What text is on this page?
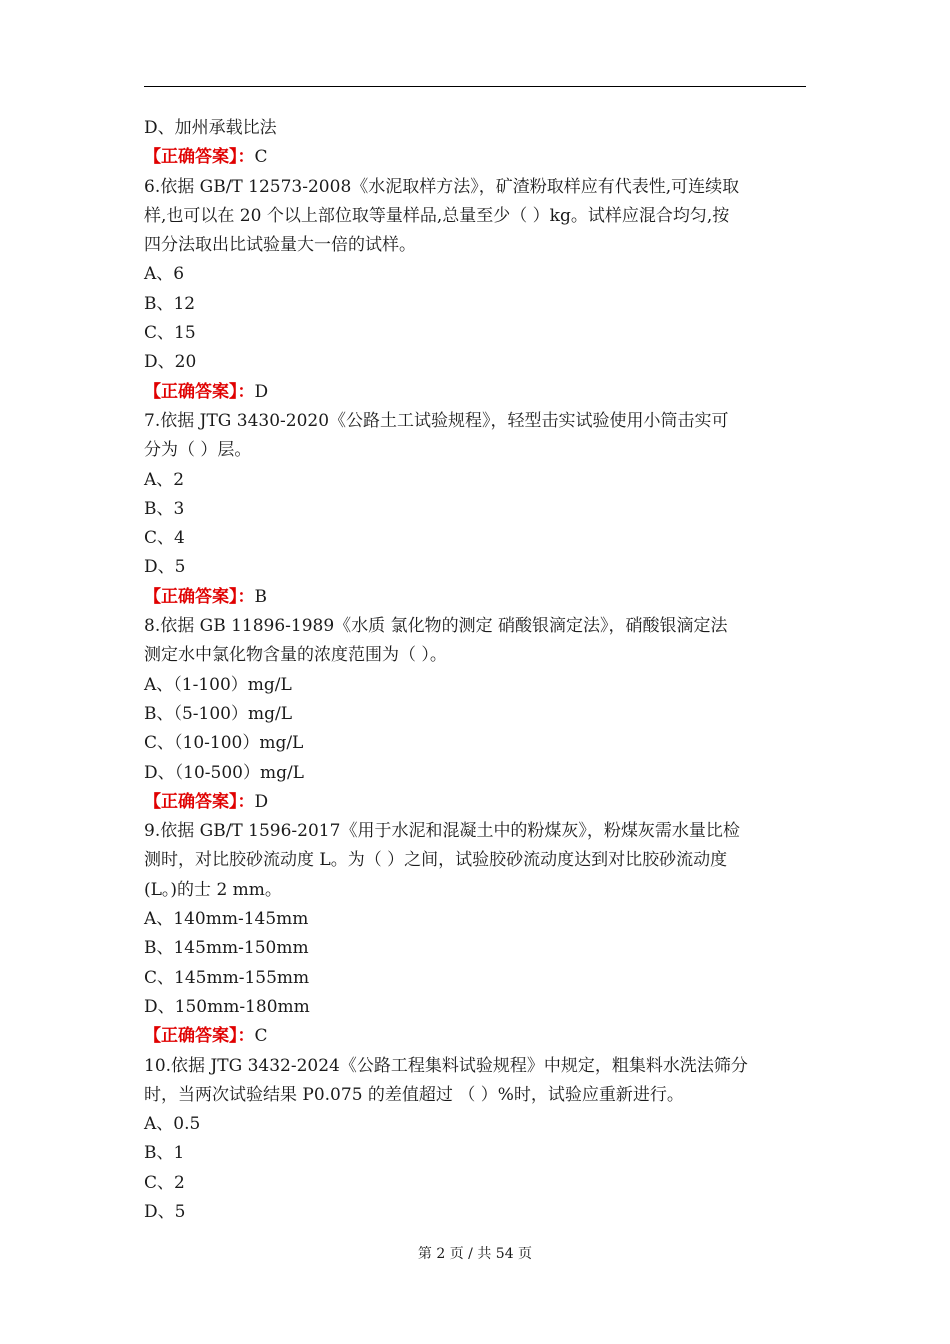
D、加州承载比法
【正确答案】：C
6.依据 GB/T 12573-2008《水泥取样方法》，矿渣粉取样应有代表性,可连续取
样,也可以在 20 个以上部位取等量样品,总量至少（ ）kg。试样应混合均匀,按
四分法取出比试验量大一倍的试样。
A、6
B、12
C、15
D、20
【正确答案】：D
7.依据 JTG 3430-2020《公路土工试验规程》，轻型击实试验使用小筒击实可
分为（ ）层。
A、2
B、3
C、4
D、5
【正确答案】：B
8.依据 GB 11896-1989《水质 氯化物的测定 硝酸银滴定法》，硝酸银滴定法
测定水中氯化物含量的浓度范围为（ ）。
A、（1-100）mg/L
B、（5-100）mg/L
C、（10-100）mg/L
D、（10-500）mg/L
【正确答案】：D
9.依据 GB/T 1596-2017《用于水泥和混凝土中的粉煤灰》，粉煤灰需水量比检
测时，对比胶砂流动度 L。为（ ）之间，试验胶砂流动度达到对比胶砂流动度
(L。)的士 2 mm。
A、140mm-145mm
B、145mm-150mm
C、145mm-155mm
D、150mm-180mm
【正确答案】：C
10.依据 JTG 3432-2024《公路工程集料试验规程》中规定，粗集料水洗法筛分
时，当两次试验结果 P0.075 的差值超过 （ ）%时，试验应重新进行。
A、0.5
B、1
C、2
D、5
第 2 页 / 共 54 页
